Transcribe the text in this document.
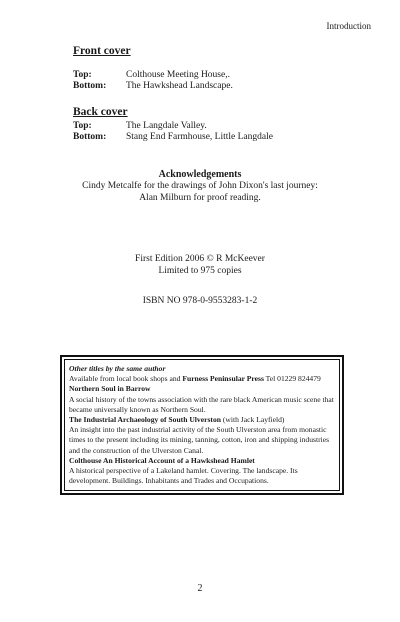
Introduction
Front cover
Top:	Colthouse Meeting House,.
Bottom: The Hawkshead Landscape.
Back cover
Top:	The Langdale Valley.
Bottom: Stang End Farmhouse, Little Langdale
Acknowledgements
Cindy Metcalfe for the drawings of John Dixon's last journey:
Alan Milburn for proof reading.
First Edition 2006 © R McKeever
Limited to 975 copies
ISBN NO 978-0-9553283-1-2
Other titles by the same author
Available from local book shops and Furness Peninsular Press Tel 01229 824479
Northern Soul in Barrow
A social history of the towns association with the rare black American music scene that became universally known as Northern Soul.
The Industrial Archaeology of South Ulverston (with Jack Layfield)
An insight into the past industrial activity of the South Ulverston area from monastic times to the present including its mining, tanning, cotton, iron and shipping industries and the construction of the Ulverston Canal.
Colthouse An Historical Account of a Hawkshead Hamlet
A historical perspective of a Lakeland hamlet. Covering. The landscape. Its development. Buildings. Inhabitants and Trades and Occupations.
2
